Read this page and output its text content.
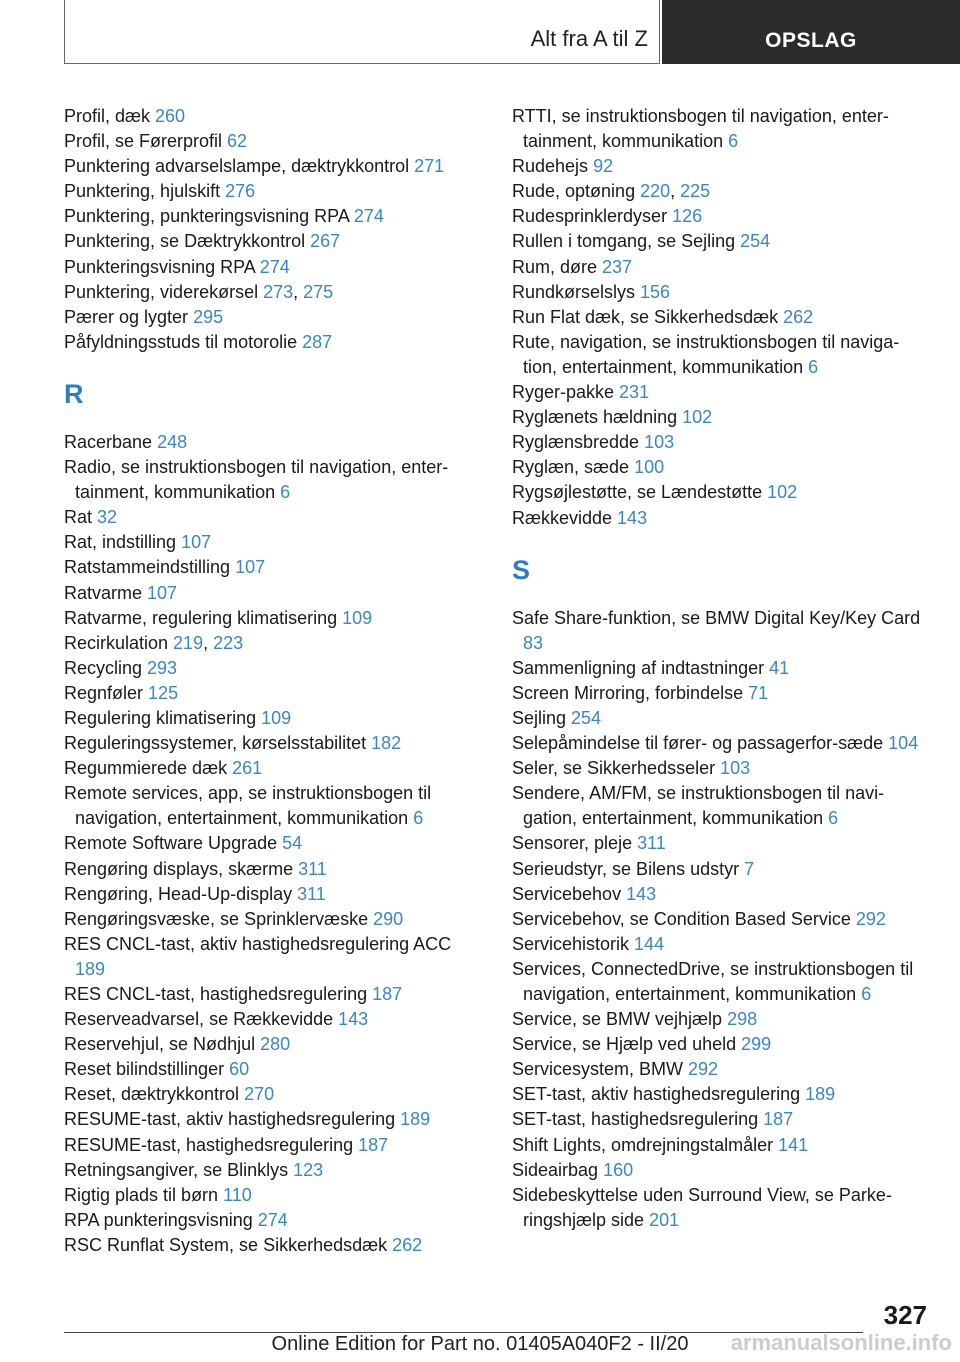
Alt fra A til Z	OPSLAG
Profil, dæk 260
Profil, se Førerprofil 62
Punktering advarselslampe, dæktrykkontrol 271
Punktering, hjulskift 276
Punktering, punkteringsvisning RPA 274
Punktering, se Dæktrykkontrol 267
Punkteringsvisning RPA 274
Punktering, viderekørsel 273, 275
Pærer og lygter 295
Påfyldningsstuds til motorolie 287
R
Racerbane 248
Radio, se instruktionsbogen til navigation, enter-tainment, kommunikation 6
Rat 32
Rat, indstilling 107
Ratstammeindstilling 107
Ratvarme 107
Ratvarme, regulering klimatisering 109
Recirkulation 219, 223
Recycling 293
Regnføler 125
Regulering klimatisering 109
Reguleringssystemer, kørselsstabilitet 182
Regummierede dæk 261
Remote services, app, se instruktionsbogen til navigation, entertainment, kommunikation 6
Remote Software Upgrade 54
Rengøring displays, skærme 311
Rengøring, Head-Up-display 311
Rengøringsvæske, se Sprinklervæske 290
RES CNCL-tast, aktiv hastighedsregulering ACC 189
RES CNCL-tast, hastighedsregulering 187
Reserveadvarsel, se Rækkevidde 143
Reservehjul, se Nødhjul 280
Reset bilindstillinger 60
Reset, dæktrykkontrol 270
RESUME-tast, aktiv hastighedsregulering 189
RESUME-tast, hastighedsregulering 187
Retningsangiver, se Blinklys 123
Rigtig plads til børn 110
RPA punkteringsvisning 274
RSC Runflat System, se Sikkerhedsdæk 262
RTTI, se instruktionsbogen til navigation, enter-tainment, kommunikation 6
Rudehejs 92
Rude, optøning 220, 225
Rudesprinklerdyser 126
Rullen i tomgang, se Sejling 254
Rum, døre 237
Rundkørselslys 156
Run Flat dæk, se Sikkerhedsdæk 262
Rute, navigation, se instruktionsbogen til naviga-tion, entertainment, kommunikation 6
Ryger-pakke 231
Ryglænets hældning 102
Ryglænsbredde 103
Ryglæn, sæde 100
Rygsøjlestøtte, se Lændestøtte 102
Rækkevidde 143
S
Safe Share-funktion, se BMW Digital Key/Key Card 83
Sammenligning af indtastninger 41
Screen Mirroring, forbindelse 71
Sejling 254
Selepåmindelse til fører- og passagerfor-sæde 104
Seler, se Sikkerhedsseler 103
Sendere, AM/FM, se instruktionsbogen til navi-gation, entertainment, kommunikation 6
Sensorer, pleje 311
Serieudstyr, se Bilens udstyr 7
Servicebehov 143
Servicebehov, se Condition Based Service 292
Servicehistorik 144
Services, ConnectedDrive, se instruktionsbogen til navigation, entertainment, kommunikation 6
Service, se BMW vejhjælp 298
Service, se Hjælp ved uheld 299
Servicesystem, BMW 292
SET-tast, aktiv hastighedsregulering 189
SET-tast, hastighedsregulering 187
Shift Lights, omdrejningstalmåler 141
Sideairbag 160
Sidebeskyttelse uden Surround View, se Parke-ringshjælp side 201
327
Online Edition for Part no. 01405A040F2 - II/20	armanualsonline.info
